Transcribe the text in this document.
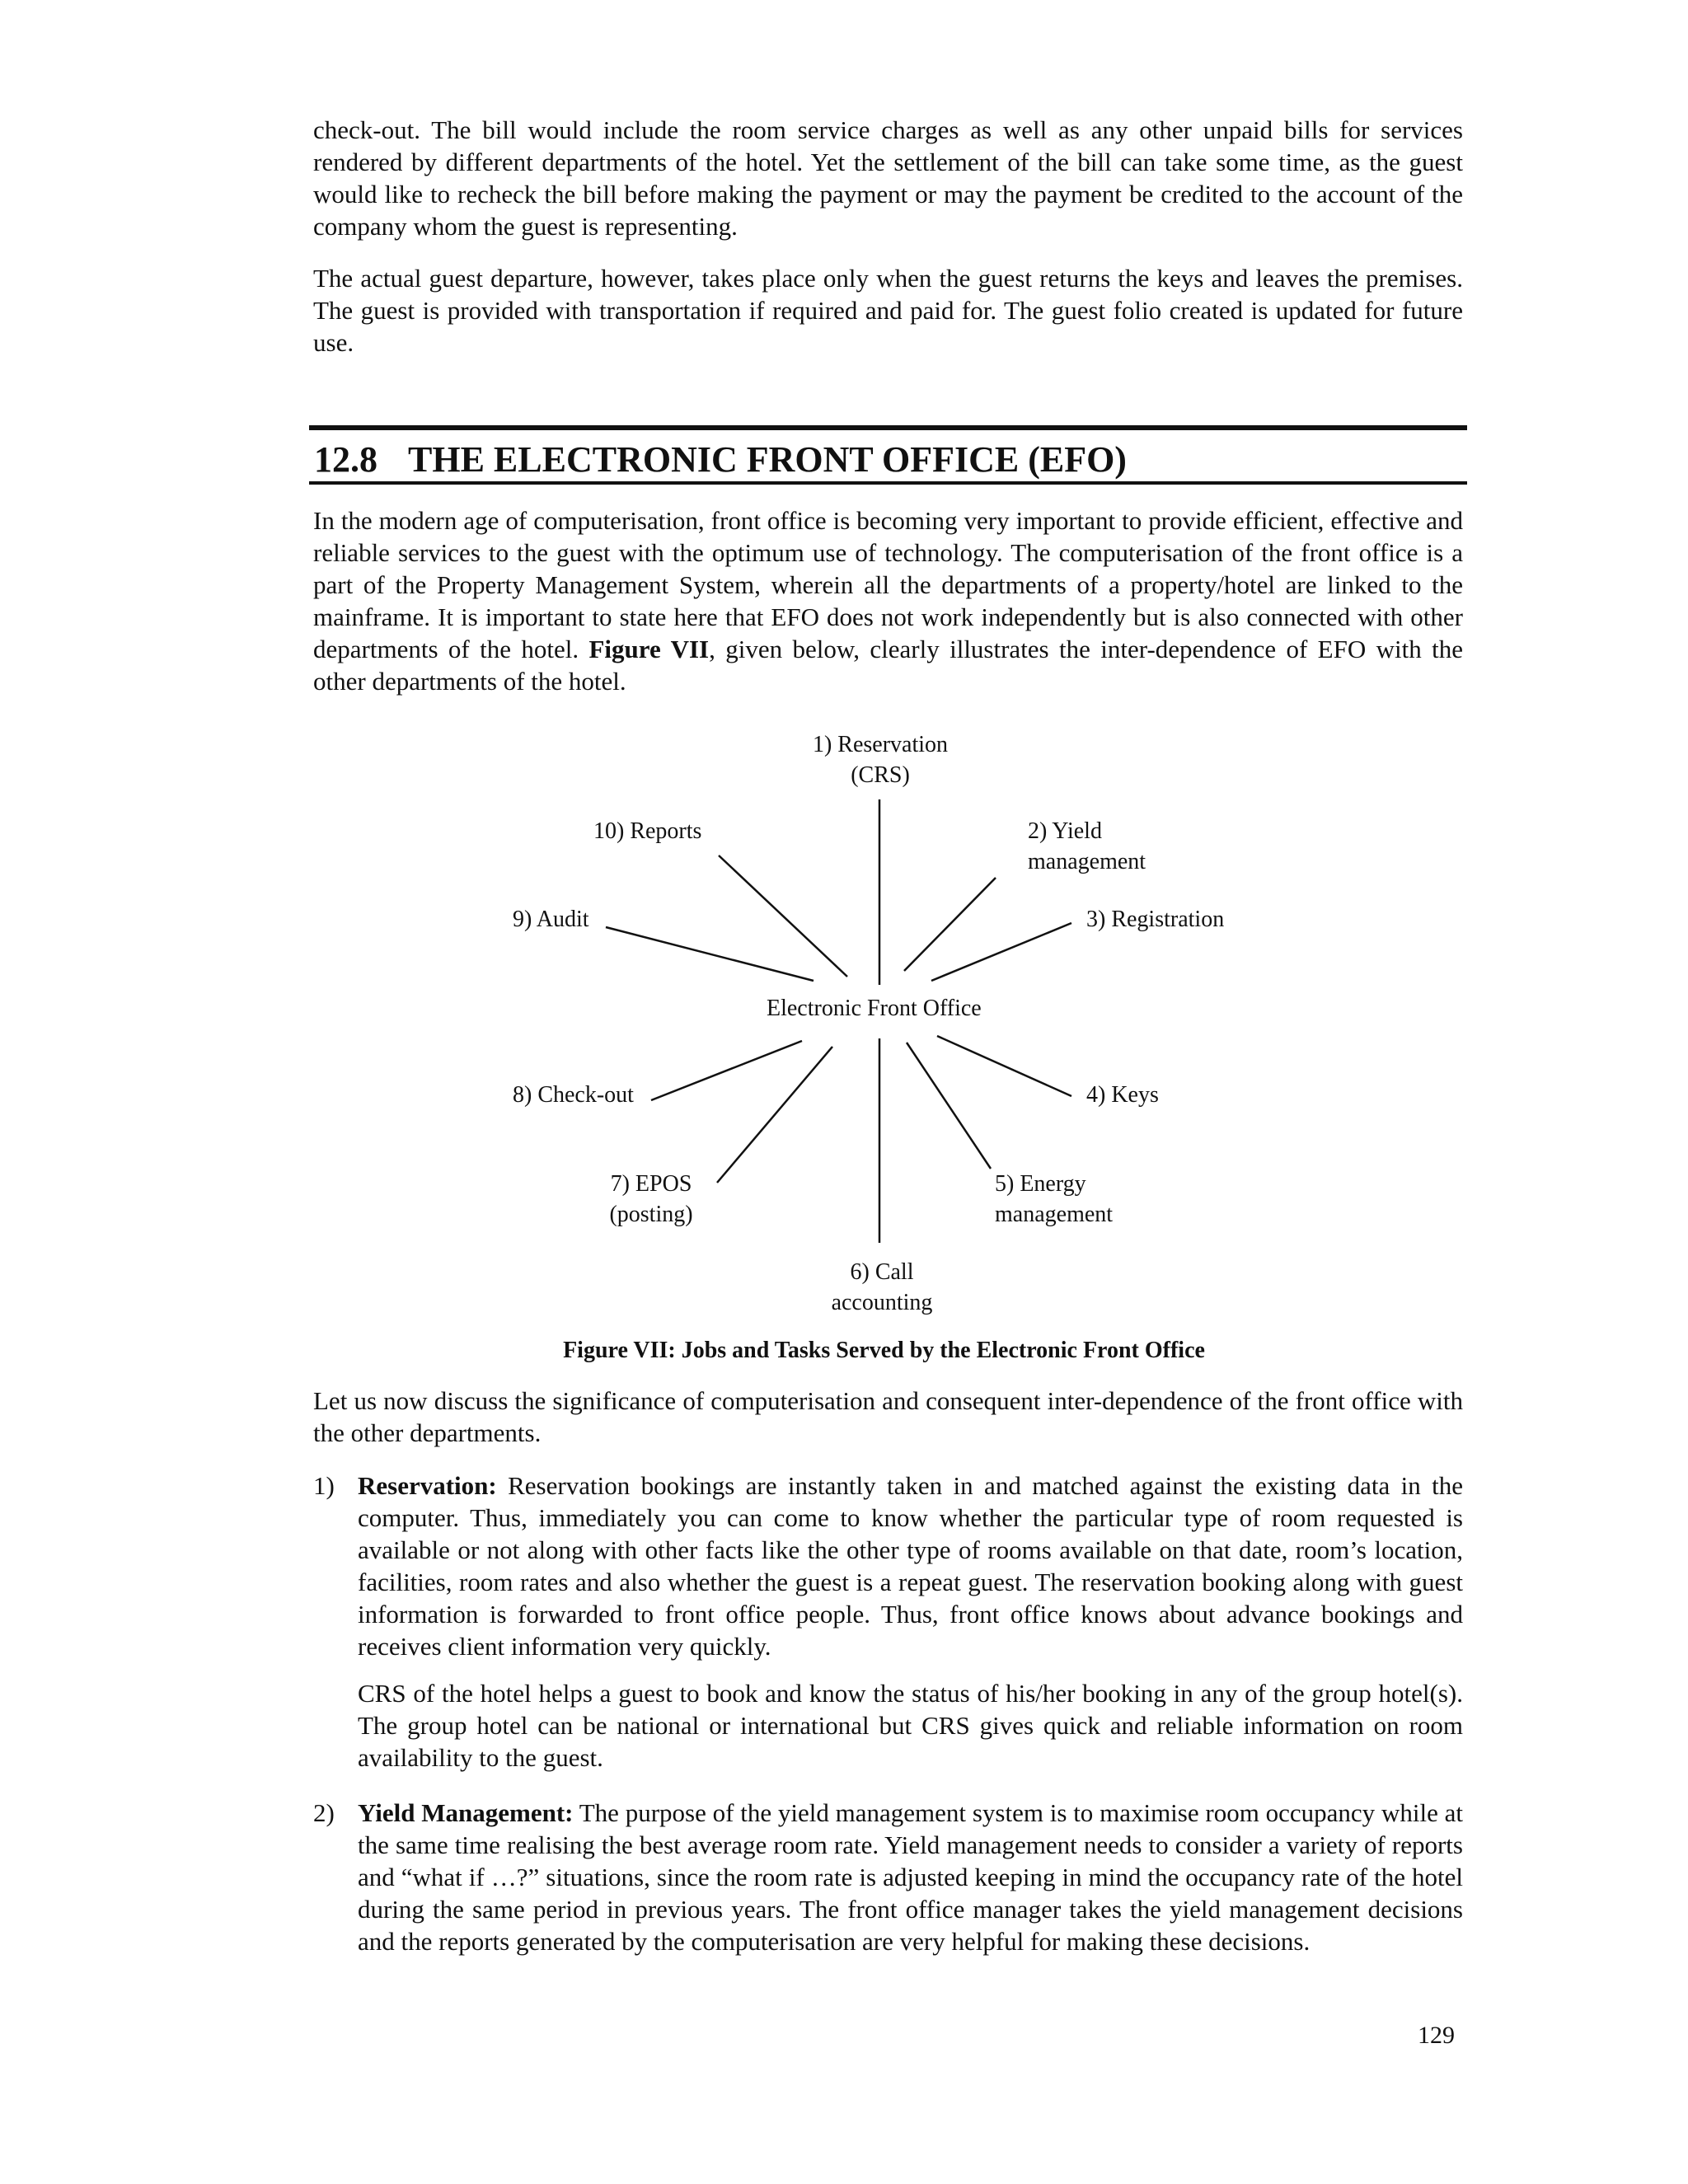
check-out. The bill would include the room service charges as well as any other unpaid bills for services rendered by different departments of the hotel. Yet the settlement of the bill can take some time, as the guest would like to recheck the bill before making the payment or may the payment be credited to the account of the company whom the guest is representing.

The actual guest departure, however, takes place only when the guest returns the keys and leaves the premises. The guest is provided with transportation if required and paid for. The guest folio created is updated for future use.

12.8 THE ELECTRONIC FRONT OFFICE (EFO)

In the modern age of computerisation, front office is becoming very important to provide efficient, effective and reliable services to the guest with the optimum use of technology. The computerisation of the front office is a part of the Property Management System, wherein all the departments of a property/hotel are linked to the mainframe. It is important to state here that EFO does not work independently but is also connected with other departments of the hotel. Figure VII, given below, clearly illustrates the inter-dependence of EFO with the other departments of the hotel.

1) Reservation
(CRS)
2) Yield
management
3) Registration
4) Keys
5) Energy
management
6) Call
accounting
7) EPOS
(posting)
8) Check-out
9) Audit
10) Reports
Electronic Front Office
Figure VII: Jobs and Tasks Served by the Electronic Front Office

Let us now discuss the significance of computerisation and consequent inter-dependence of the front office with the other departments.

1) Reservation: Reservation bookings are instantly taken in and matched against the existing data in the computer. Thus, immediately you can come to know whether the particular type of room requested is available or not along with other facts like the other type of rooms available on that date, room’s location, facilities, room rates and also whether the guest is a repeat guest. The reservation booking along with guest information is forwarded to front office people. Thus, front office knows about advance bookings and receives client information very quickly.

CRS of the hotel helps a guest to book and know the status of his/her booking in any of the group hotel(s). The group hotel can be national or international but CRS gives quick and reliable information on room availability to the guest.

2) Yield Management: The purpose of the yield management system is to maximise room occupancy while at the same time realising the best average room rate. Yield management needs to consider a variety of reports and “what if …?” situations, since the room rate is adjusted keeping in mind the occupancy rate of the hotel during the same period in previous years. The front office manager takes the yield management decisions and the reports generated by the computerisation are very helpful for making these decisions.

129
